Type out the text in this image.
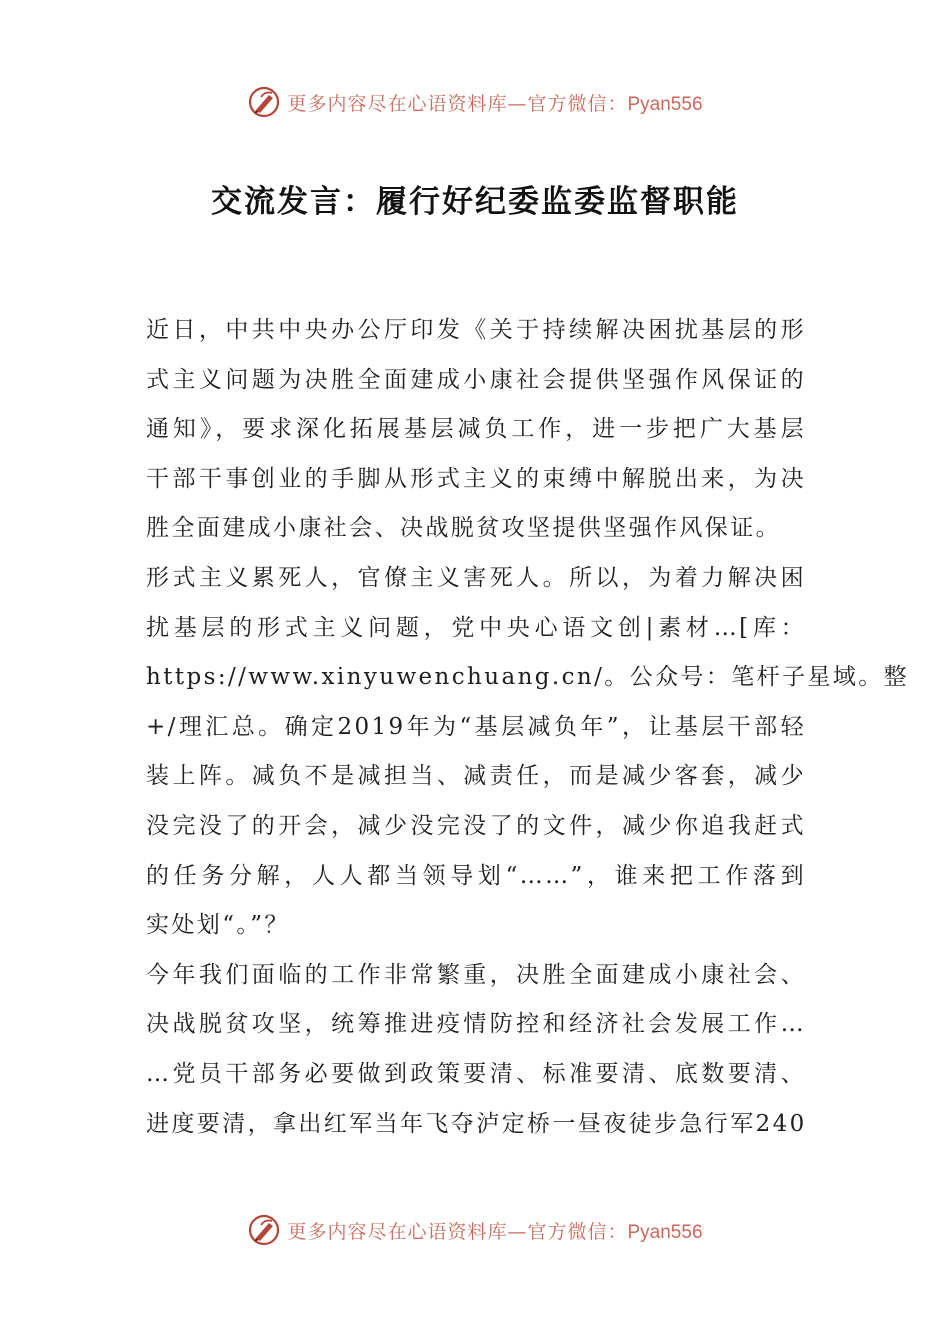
更多内容尽在心语资料库—官方微信：Pyan556
交流发言：履行好纪委监委监督职能
近日，中共中央办公厅印发《关于持续解决困扰基层的形
式主义问题为决胜全面建成小康社会提供坚强作风保证的
通知》，要求深化拓展基层减负工作，进一步把广大基层
干部干事创业的手脚从形式主义的束缚中解脱出来，为决
胜全面建成小康社会、决战脱贫攻坚提供坚强作风保证。
形式主义累死人，官僚主义害死人。所以，为着力解决困
扰基层的形式主义问题，党中央心语文创|素材…[库：
https://www.xinyuwenchuang.cn/。公众号：笔杆子星域。整
+/理汇总。确定2019年为“基层减负年”，让基层干部轻
装上阵。减负不是减担当、减责任，而是减少客套，减少
没完没了的开会，减少没完没了的文件，减少你追我赶式
的任务分解，人人都当领导划“……”，谁来把工作落到
实处划“。”？
今年我们面临的工作非常繁重，决胜全面建成小康社会、
决战脱贫攻坚，统筹推进疫情防控和经济社会发展工作…
…党员干部务必要做到政策要清、标准要清、底数要清、
进度要清，拿出红军当年飞夺泸定桥一昼夜徒步急行军240
更多内容尽在心语资料库—官方微信：Pyan556
